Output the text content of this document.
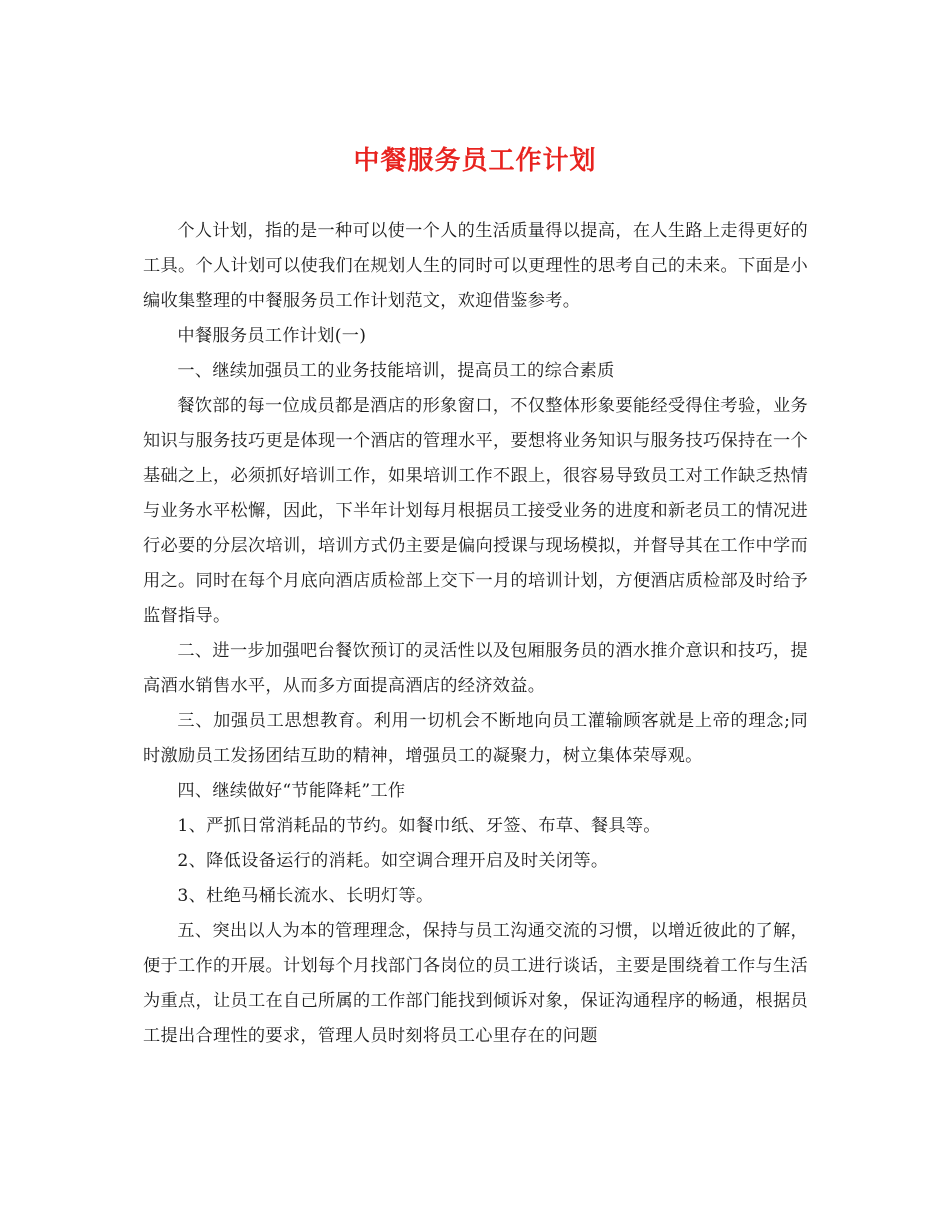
中餐服务员工作计划

个人计划，指的是一种可以使一个人的生活质量得以提高，在人生路上走得更好的工具。个人计划可以使我们在规划人生的同时可以更理性的思考自己的未来。下面是小编收集整理的中餐服务员工作计划范文，欢迎借鉴参考。

中餐服务员工作计划(一)

一、继续加强员工的业务技能培训，提高员工的综合素质

餐饮部的每一位成员都是酒店的形象窗口，不仅整体形象要能经受得住考验，业务知识与服务技巧更是体现一个酒店的管理水平，要想将业务知识与服务技巧保持在一个基础之上，必须抓好培训工作，如果培训工作不跟上，很容易导致员工对工作缺乏热情与业务水平松懈，因此，下半年计划每月根据员工接受业务的进度和新老员工的情况进行必要的分层次培训，培训方式仍主要是偏向授课与现场模拟，并督导其在工作中学而用之。同时在每个月底向酒店质检部上交下一月的培训计划，方便酒店质检部及时给予监督指导。

二、进一步加强吧台餐饮预订的灵活性以及包厢服务员的酒水推介意识和技巧，提高酒水销售水平，从而多方面提高酒店的经济效益。

三、加强员工思想教育。利用一切机会不断地向员工灌输顾客就是上帝的理念;同时激励员工发扬团结互助的精神，增强员工的凝聚力，树立集体荣辱观。

四、继续做好“节能降耗”工作

1、严抓日常消耗品的节约。如餐巾纸、牙签、布草、餐具等。

2、降低设备运行的消耗。如空调合理开启及时关闭等。

3、杜绝马桶长流水、长明灯等。

五、突出以人为本的管理理念，保持与员工沟通交流的习惯，以增近彼此的了解，便于工作的开展。计划每个月找部门各岗位的员工进行谈话，主要是围绕着工作与生活为重点，让员工在自己所属的工作部门能找到倾诉对象，保证沟通程序的畅通，根据员工提出合理性的要求，管理人员时刻将员工心里存在的问题
